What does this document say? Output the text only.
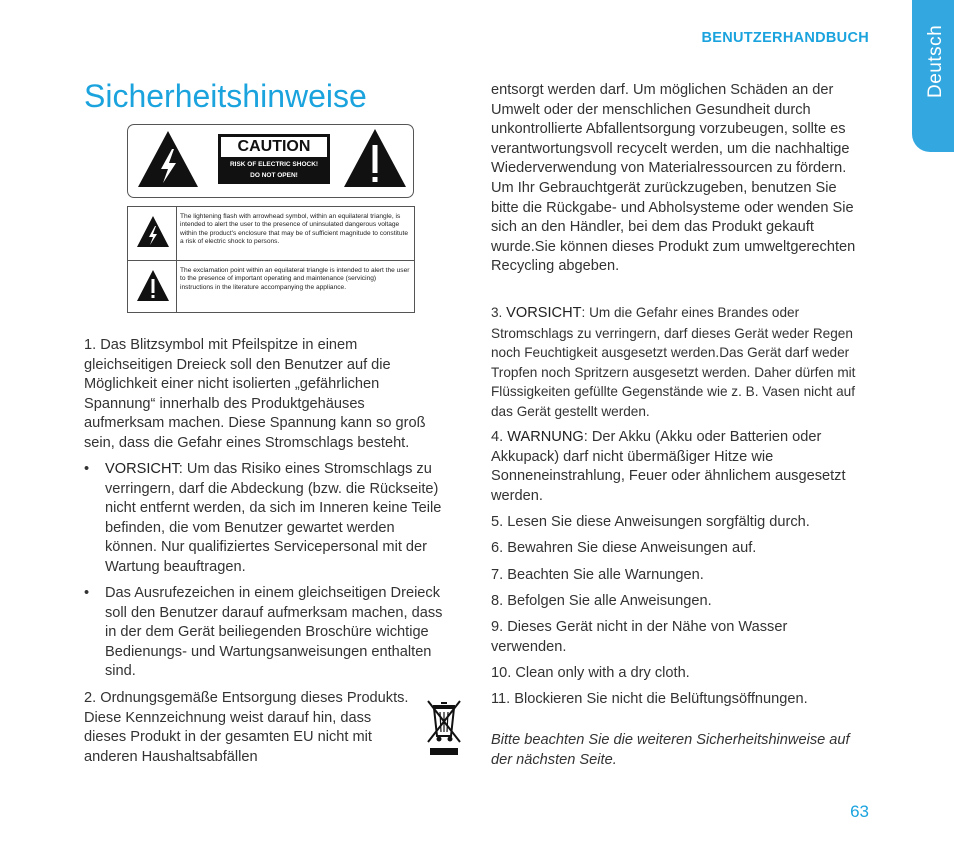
BENUTZERHANDBUCH	Deutsch
Sicherheitshinweise
CAUTION
RISK OF ELECTRIC SHOCK!
DO NOT OPEN!
The lightening flash with arrowhead symbol, within an equilateral triangle, is intended to alert the user to the presence of uninsulated dangerous voltage within the product's enclosure that may be of sufficient magnitude to constitute a risk of electric shock to persons.
The exclamation point within an equilateral triangle is intended to alert the user to the presence of important operating and maintenance (servicing) instructions in the literature accompanying the appliance.
1. Das Blitzsymbol mit Pfeilspitze in einem gleichseitigen Dreieck soll den Benutzer auf die Möglichkeit einer nicht isolierten „gefährlichen Spannung“ innerhalb des Produktgehäuses aufmerksam machen. Diese Spannung kann so groß sein, dass die Gefahr eines Stromschlags besteht.
•	VORSICHT: Um das Risiko eines Stromschlags zu verringern, darf die Abdeckung (bzw. die Rückseite) nicht entfernt werden, da sich im Inneren keine Teile befinden, die vom Benutzer gewartet werden können. Nur qualifiziertes Servicepersonal mit der Wartung beauftragen.
•	Das Ausrufezeichen in einem gleichseitigen Dreieck soll den Benutzer darauf aufmerksam machen, dass in der dem Gerät beiliegenden Broschüre wichtige Bedienungs- und Wartungsanweisungen enthalten sind.
2. Ordnungsgemäße Entsorgung dieses Produkts. Diese Kennzeichnung weist darauf hin, dass dieses Produkt in der gesamten EU nicht mit anderen Haushaltsabfällen
entsorgt werden darf. Um möglichen Schäden an der Umwelt oder der menschlichen Gesundheit durch unkontrollierte Abfallentsorgung vorzubeugen, sollte es verantwortungsvoll recycelt werden, um die nachhaltige Wiederverwendung von Materialressourcen zu fördern. Um Ihr Gebrauchtgerät zurückzugeben, benutzen Sie bitte die Rückgabe- und Abholsysteme oder wenden Sie sich an den Händler, bei dem das Produkt gekauft wurde.Sie können dieses Produkt zum umweltgerechten Recycling abgeben.
3. VORSICHT: Um die Gefahr eines Brandes oder Stromschlags zu verringern, darf dieses Gerät weder Regen noch Feuchtigkeit ausgesetzt werden.Das Gerät darf weder Tropfen noch Spritzern ausgesetzt werden. Daher dürfen mit Flüssigkeiten gefüllte Gegenstände wie z. B. Vasen nicht auf das Gerät gestellt werden.
4. WARNUNG: Der Akku (Akku oder Batterien oder Akkupack) darf nicht übermäßiger Hitze wie Sonneneinstrahlung, Feuer oder ähnlichem ausgesetzt werden.
5. Lesen Sie diese Anweisungen sorgfältig durch.
6. Bewahren Sie diese Anweisungen auf.
7. Beachten Sie alle Warnungen.
8. Befolgen Sie alle Anweisungen.
9. Dieses Gerät nicht in der Nähe von Wasser verwenden.
10. Clean only with a dry cloth.
11. Blockieren Sie nicht die Belüftungsöffnungen.
Bitte beachten Sie die weiteren Sicherheitshinweise auf der nächsten Seite.
63
